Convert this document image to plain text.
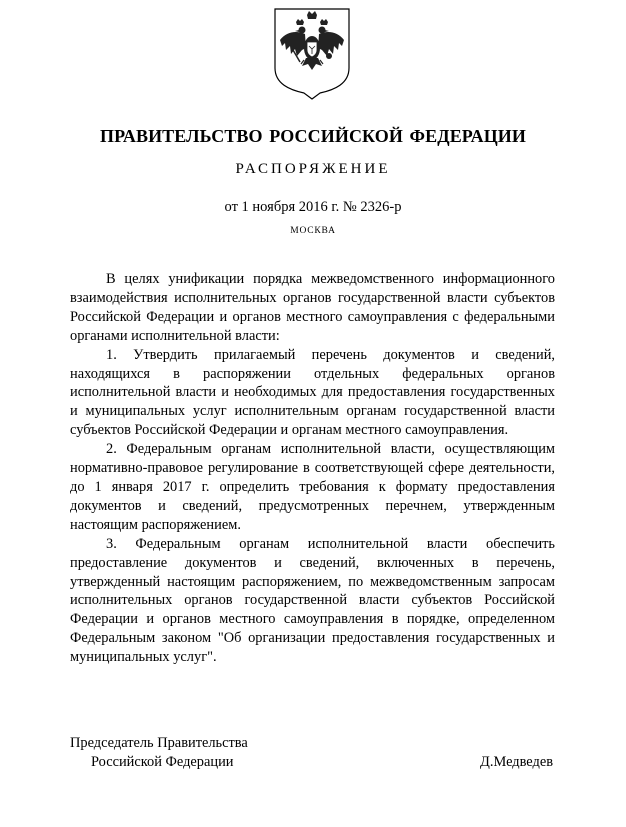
ПРАВИТЕЛЬСТВО РОССИЙСКОЙ ФЕДЕРАЦИИ
РАСПОРЯЖЕНИЕ
от 1 ноября 2016 г. № 2326-р
МОСКВА

В целях унификации порядка межведомственного информационного взаимодействия исполнительных органов государственной власти субъектов Российской Федерации и органов местного самоуправления с федеральными органами исполнительной власти:

1. Утвердить прилагаемый перечень документов и сведений, находящихся в распоряжении отдельных федеральных органов исполнительной власти и необходимых для предоставления государственных и муниципальных услуг исполнительным органам государственной власти субъектов Российской Федерации и органам местного самоуправления.

2. Федеральным органам исполнительной власти, осуществляющим нормативно-правовое регулирование в соответствующей сфере деятельности, до 1 января 2017 г. определить требования к формату предоставления документов и сведений, предусмотренных перечнем, утвержденным настоящим распоряжением.

3. Федеральным органам исполнительной власти обеспечить предоставление документов и сведений, включенных в перечень, утвержденный настоящим распоряжением, по межведомственным запросам исполнительных органов государственной власти субъектов Российской Федерации и органов местного самоуправления в порядке, определенном Федеральным законом "Об организации предоставления государственных и муниципальных услуг".

Председатель Правительства
Российской Федерации	Д.Медведев
